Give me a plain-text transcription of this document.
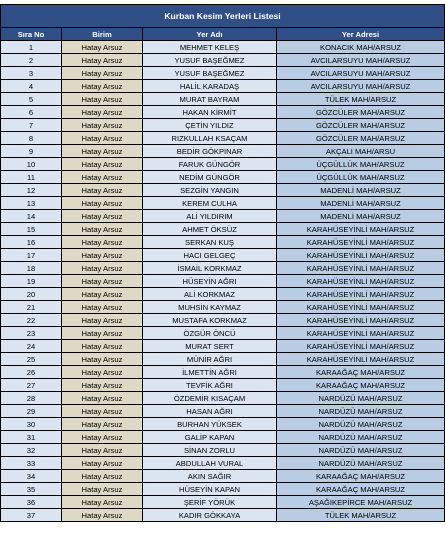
Kurban Kesim Yerleri Listesi			
Sıra No	Birim	Yer Adı	Yer Adresi
1	Hatay Arsuz	MEHMET KELEŞ	KONACIK MAH/ARSUZ
2	Hatay Arsuz	YUSUF BAŞEĞMEZ	AVCILARSUYU MAH/ARSUZ
3	Hatay Arsuz	YUSUF BAŞEĞMEZ	AVCILARSUYU MAH/ARSUZ
4	Hatay Arsuz	HALİL KARADAŞ	AVCILARSUYU MAH/ARSUZ
5	Hatay Arsuz	MURAT BAYRAM	TÜLEK MAH/ARSUZ
6	Hatay Arsuz	HAKAN KİRMİT	GÖZCÜLER MAH/ARSUZ
7	Hatay Arsuz	ÇETİN YILDIZ	GÖZCÜLER MAH/ARSUZ
8	Hatay Arsuz	RIZKULLAH KSAÇAM	GÖZCÜLER MAH/ARSUZ
9	Hatay Arsuz	BEDİR GÖKPINAR	AKÇALI MAH/ARSU
10	Hatay Arsuz	FARUK GÜNGÖR	ÜÇGÜLLÜK MAH/ARSUZ
11	Hatay Arsuz	NEDİM GÜNGÖR	ÜÇGÜLLÜK MAH/ARSUZ
12	Hatay Arsuz	SEZGİN YANGIN	MADENLİ MAH/ARSUZ
13	Hatay Arsuz	KEREM CULHA	MADENLİ MAH/ARSUZ
14	Hatay Arsuz	ALİ YILDIRIM	MADENLİ MAH/ARSUZ
15	Hatay Arsuz	AHMET ÖKSÜZ	KARAHÜSEYİNLİ MAH/ARSUZ
16	Hatay Arsuz	SERKAN KUŞ	KARAHÜSEYİNLİ MAH/ARSUZ
17	Hatay Arsuz	HACI GELGEÇ	KARAHÜSEYİNLİ MAH/ARSUZ
18	Hatay Arsuz	İSMAİL KORKMAZ	KARAHÜSEYİNLİ MAH/ARSUZ
19	Hatay Arsuz	HÜSEYİN AĞRI	KARAHÜSEYİNLİ MAH/ARSUZ
20	Hatay Arsuz	ALİ KORKMAZ	KARAHÜSEYİNLİ MAH/ARSUZ
21	Hatay Arsuz	MUHSİN KAYMAZ	KARAHÜSEYİNLİ MAH/ARSUZ
22	Hatay Arsuz	MUSTAFA KORKMAZ	KARAHÜSEYİNLİ MAH/ARSUZ
23	Hatay Arsuz	ÖZGÜR ÖNCÜ	KARAHÜSEYİNLİ MAH/ARSUZ
24	Hatay Arsuz	MURAT SERT	KARAHÜSEYİNLİ MAH/ARSUZ
25	Hatay Arsuz	MÜNİR AĞRI	KARAHÜSEYİNLİ MAH/ARSUZ
26	Hatay Arsuz	İLMETTİN AĞRI	KARAAĞAÇ MAH/ARSUZ
27	Hatay Arsuz	TEVFİK AĞRI	KARAAĞAÇ MAH/ARSUZ
28	Hatay Arsuz	ÖZDEMİR KISAÇAM	NARDÜZÜ MAH/ARSUZ
29	Hatay Arsuz	HASAN AĞRI	NARDÜZÜ MAH/ARSUZ
30	Hatay Arsuz	BURHAN YÜKSEK	NARDÜZÜ MAH/ARSUZ
31	Hatay Arsuz	GALİP KAPAN	NARDÜZÜ MAH/ARSUZ
32	Hatay Arsuz	SİNAN ZORLU	NARDÜZÜ MAH/ARSUZ
33	Hatay Arsuz	ABDULLAH VURAL	NARDÜZÜ MAH/ARSUZ
34	Hatay Arsuz	AKIN SAĞIR	KARAAĞAÇ MAH/ARSUZ
35	Hatay Arsuz	HÜSEYİN KAPAN	KARAAĞAÇ MAH/ARSUZ
36	Hatay Arsuz	ŞERİF YÖRÜK	AŞAĞIKEPİRCE MAH/ARSUZ
37	Hatay Arsuz	KADIR GÖKKAYA	TÜLEK MAH/ARSUZ
